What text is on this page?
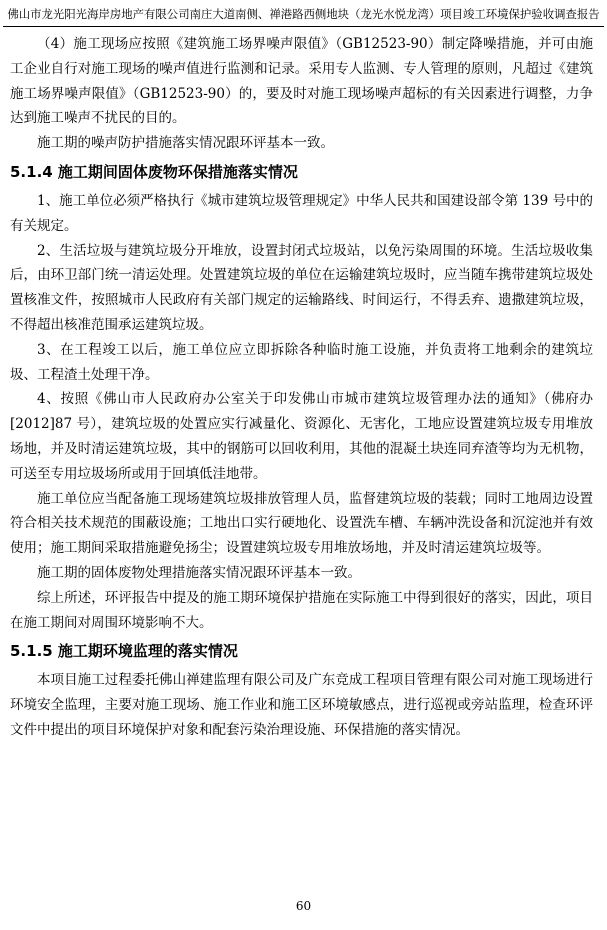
佛山市龙光阳光海岸房地产有限公司南庄大道南侧、禅港路西侧地块（龙光水悦龙湾）项目竣工环境保护验收调查报告

（4）施工现场应按照《建筑施工场界噪声限值》（GB12523-90）制定降噪措施，并可由施工企业自行对施工现场的噪声值进行监测和记录。采用专人监测、专人管理的原则，凡超过《建筑施工场界噪声限值》（GB12523-90）的，要及时对施工现场噪声超标的有关因素进行调整，力争达到施工噪声不扰民的目的。

施工期的噪声防护措施落实情况跟环评基本一致。

5.1.4 施工期间固体废物环保措施落实情况

1、施工单位必须严格执行《城市建筑垃圾管理规定》中华人民共和国建设部令第 139 号中的有关规定。

2、生活垃圾与建筑垃圾分开堆放，设置封闭式垃圾站，以免污染周围的环境。生活垃圾收集后，由环卫部门统一清运处理。处置建筑垃圾的单位在运输建筑垃圾时，应当随车携带建筑垃圾处置核准文件，按照城市人民政府有关部门规定的运输路线、时间运行，不得丢弃、遗撒建筑垃圾，不得超出核准范围承运建筑垃圾。

3、在工程竣工以后，施工单位应立即拆除各种临时施工设施，并负责将工地剩余的建筑垃圾、工程渣土处理干净。

4、按照《佛山市人民政府办公室关于印发佛山市城市建筑垃圾管理办法的通知》（佛府办[2012]87 号），建筑垃圾的处置应实行减量化、资源化、无害化，工地应设置建筑垃圾专用堆放场地，并及时清运建筑垃圾，其中的钢筋可以回收利用，其他的混凝土块连同弃渣等均为无机物，可送至专用垃圾场所或用于回填低洼地带。

施工单位应当配备施工现场建筑垃圾排放管理人员，监督建筑垃圾的装载；同时工地周边设置符合相关技术规范的围蔽设施；工地出口实行硬地化、设置洗车槽、车辆冲洗设备和沉淀池并有效使用；施工期间采取措施避免扬尘；设置建筑垃圾专用堆放场地，并及时清运建筑垃圾等。

施工期的固体废物处理措施落实情况跟环评基本一致。

综上所述，环评报告中提及的施工期环境保护措施在实际施工中得到很好的落实，因此，项目在施工期间对周围环境影响不大。

5.1.5 施工期环境监理的落实情况

本项目施工过程委托佛山禅建监理有限公司及广东竞成工程项目管理有限公司对施工现场进行环境安全监理，主要对施工现场、施工作业和施工区环境敏感点，进行巡视或旁站监理，检查环评文件中提出的项目环境保护对象和配套污染治理设施、环保措施的落实情况。

60
